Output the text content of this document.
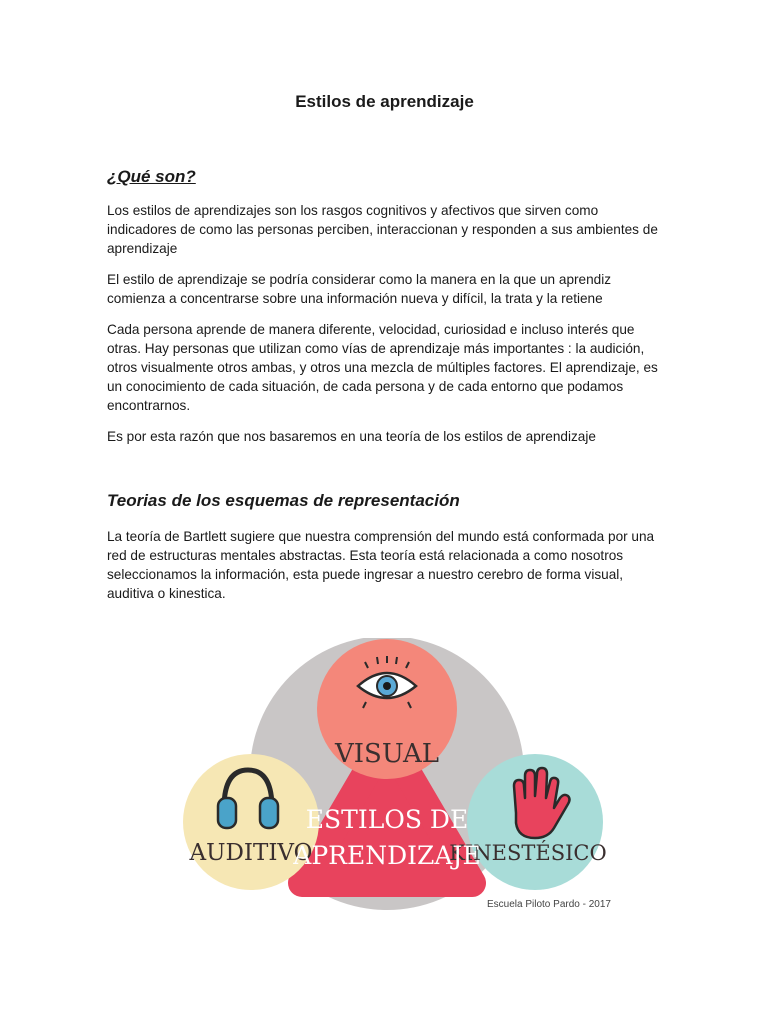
Estilos de aprendizaje
¿Qué son?

Los estilos de aprendizajes son los rasgos cognitivos y afectivos que sirven como indicadores de como las personas perciben, interaccionan y responden a sus ambientes de aprendizaje

El estilo de aprendizaje se podría considerar como la manera en la que un aprendiz comienza a concentrarse sobre una información nueva y difícil, la trata y la retiene

Cada persona aprende de manera diferente, velocidad, curiosidad e incluso interés que otras. Hay personas que utilizan como vías de aprendizaje más importantes : la audición, otros visualmente otros ambas, y otros una mezcla de múltiples factores. El aprendizaje, es un conocimiento de cada situación, de cada persona y de cada entorno que podamos encontrarnos.

Es por esta razón que nos basaremos en una teoría de los estilos de aprendizaje

Teorias de los esquemas de representación

La teoría de Bartlett sugiere que nuestra comprensión del mundo está conformada por una red de estructuras mentales abstractas. Esta teoría está relacionada a como nosotros seleccionamos la información, esta puede ingresar a nuestro cerebro de forma visual, auditiva o kinestica.

VISUAL
AUDITIVO	KINESTÉSICO
ESTILOS DE
APRENDIZAJE
Escuela Piloto Pardo - 2017
